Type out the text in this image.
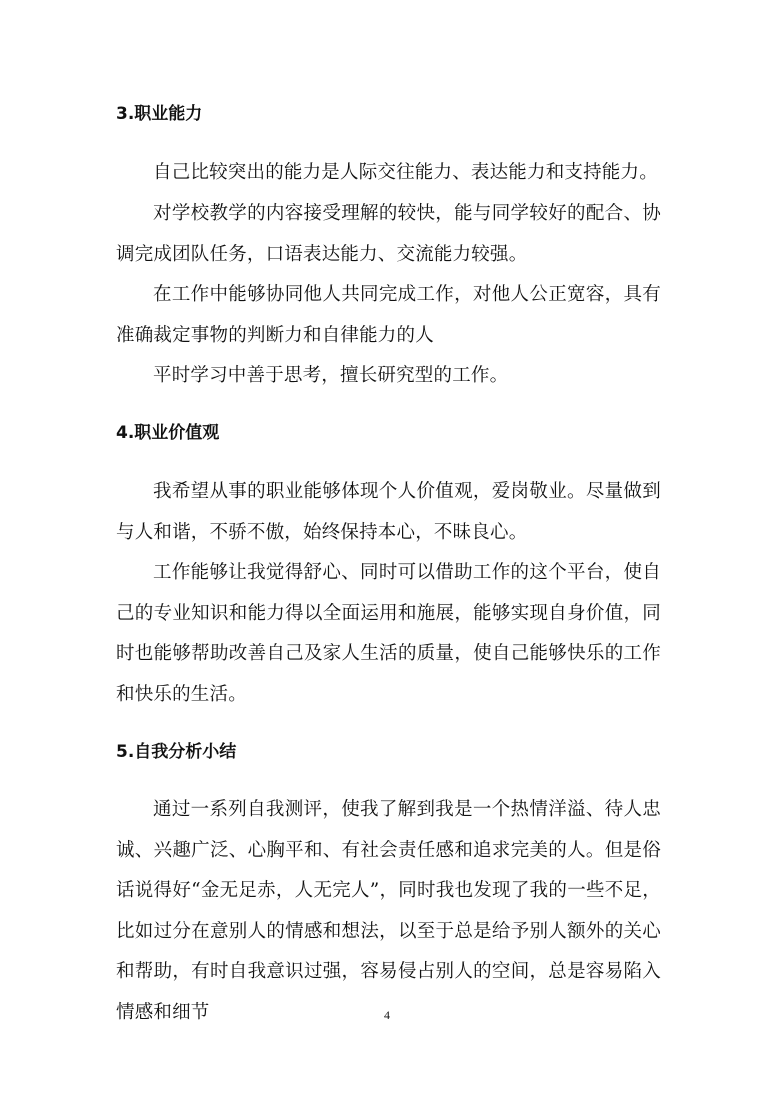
3.职业能力
自己比较突出的能力是人际交往能力、表达能力和支持能力。
对学校教学的内容接受理解的较快，能与同学较好的配合、协调完成团队任务，口语表达能力、交流能力较强。
在工作中能够协同他人共同完成工作，对他人公正宽容，具有准确裁定事物的判断力和自律能力的人
平时学习中善于思考，擅长研究型的工作。
4.职业价值观
我希望从事的职业能够体现个人价值观，爱岗敬业。尽量做到与人和谐，不骄不傲，始终保持本心，不昧良心。
工作能够让我觉得舒心、同时可以借助工作的这个平台，使自己的专业知识和能力得以全面运用和施展，能够实现自身价值，同时也能够帮助改善自己及家人生活的质量，使自己能够快乐的工作和快乐的生活。
5.自我分析小结
通过一系列自我测评，使我了解到我是一个热情洋溢、待人忠诚、兴趣广泛、心胸平和、有社会责任感和追求完美的人。但是俗话说得好“金无足赤，人无完人”，同时我也发现了我的一些不足，比如过分在意别人的情感和想法，以至于总是给予别人额外的关心和帮助，有时自我意识过强，容易侵占别人的空间，总是容易陷入情感和细节	4
